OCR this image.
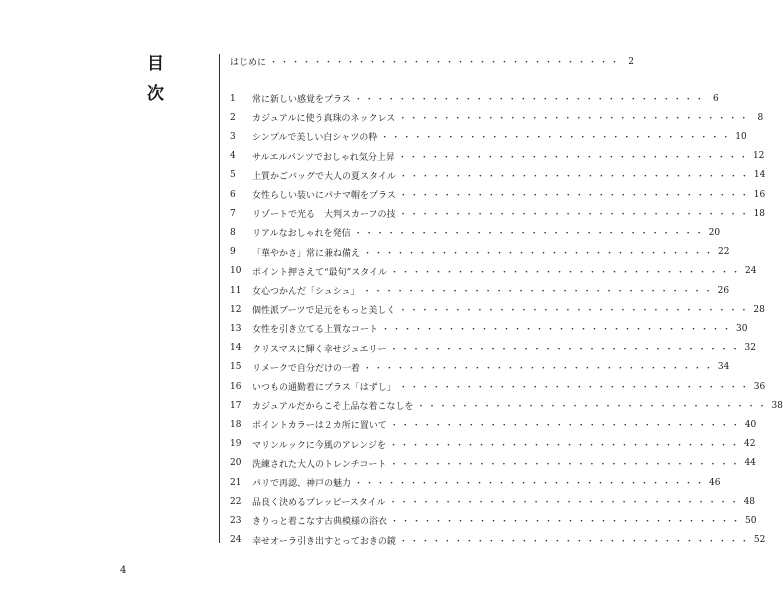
目
次
はじめに ・・・・・・・・・・・・・・・・・・・・・・・・・・・・・・・・ 2
1	常に新しい感覚をプラス ・・・・・・・・・・・・・・・・・・・・・・・・・・・・・・・・ 6
2	カジュアルに使う真珠のネックレス ・・・・・・・・・・・・・・・・・・・・・・・・・・・・・・・・ 8
3	シンプルで美しい白シャツの粋 ・・・・・・・・・・・・・・・・・・・・・・・・・・・・・・・・ 10
4	サルエルパンツでおしゃれ気分上昇 ・・・・・・・・・・・・・・・・・・・・・・・・・・・・・・・・ 12
5	上質かごバッグで大人の夏スタイル ・・・・・・・・・・・・・・・・・・・・・・・・・・・・・・・・ 14
6	女性らしい装いにパナマ帽をプラス ・・・・・・・・・・・・・・・・・・・・・・・・・・・・・・・・ 16
7	リゾートで光る　大判スカーフの技 ・・・・・・・・・・・・・・・・・・・・・・・・・・・・・・・・ 18
8	リアルなおしゃれを発信 ・・・・・・・・・・・・・・・・・・・・・・・・・・・・・・・・ 20
9	「華やかさ」常に兼ね備え ・・・・・・・・・・・・・・・・・・・・・・・・・・・・・・・・ 22
10	ポイント押さえて“最旬”スタイル ・・・・・・・・・・・・・・・・・・・・・・・・・・・・・・・・ 24
11	女心つかんだ「シュシュ」 ・・・・・・・・・・・・・・・・・・・・・・・・・・・・・・・・ 26
12	個性派ブーツで足元をもっと美しく ・・・・・・・・・・・・・・・・・・・・・・・・・・・・・・・・ 28
13	女性を引き立てる上質なコート ・・・・・・・・・・・・・・・・・・・・・・・・・・・・・・・・ 30
14	クリスマスに輝く幸せジュエリー ・・・・・・・・・・・・・・・・・・・・・・・・・・・・・・・・ 32
15	リメークで自分だけの一着 ・・・・・・・・・・・・・・・・・・・・・・・・・・・・・・・・ 34
16	いつもの通勤着にプラス「はずし」 ・・・・・・・・・・・・・・・・・・・・・・・・・・・・・・・・ 36
17	カジュアルだからこそ上品な着こなしを ・・・・・・・・・・・・・・・・・・・・・・・・・・・・・・・・ 38
18	ポイントカラーは２カ所に置いて ・・・・・・・・・・・・・・・・・・・・・・・・・・・・・・・・ 40
19	マリンルックに今風のアレンジを ・・・・・・・・・・・・・・・・・・・・・・・・・・・・・・・・ 42
20	洗練された大人のトレンチコート ・・・・・・・・・・・・・・・・・・・・・・・・・・・・・・・・ 44
21	パリで再認、神戸の魅力 ・・・・・・・・・・・・・・・・・・・・・・・・・・・・・・・・ 46
22	品良く決めるプレッピースタイル ・・・・・・・・・・・・・・・・・・・・・・・・・・・・・・・・ 48
23	きりっと着こなす古典模様の浴衣 ・・・・・・・・・・・・・・・・・・・・・・・・・・・・・・・・ 50
24	幸せオーラ引き出すとっておきの鏡 ・・・・・・・・・・・・・・・・・・・・・・・・・・・・・・・・ 52
4
